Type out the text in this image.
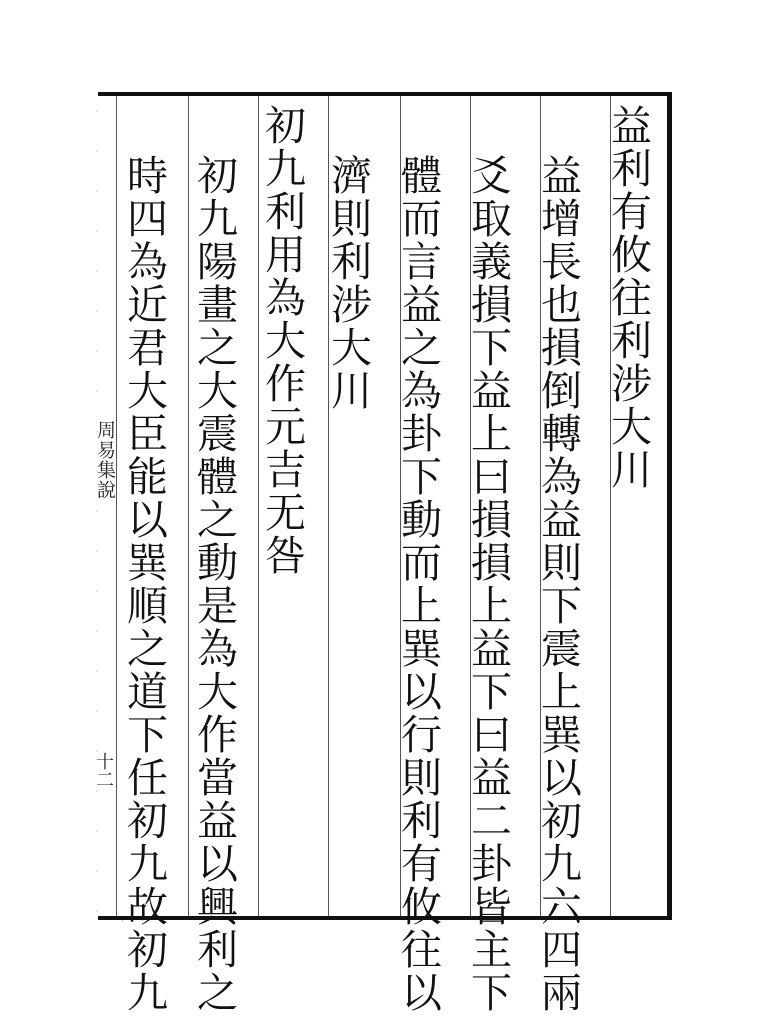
益利有攸往利涉大川
益增長也損倒轉為益則下震上巽以初九六四兩
爻取義損下益上曰損損上益下曰益二卦皆主下
體而言益之為卦下動而上巽以行則利有攸往以
濟則利涉大川
初九利用為大作元吉无咎
初九陽畫之大震體之動是為大作當益以興利之
時四為近君大臣能以巽順之道下任初九故初九
周易集說
十二
